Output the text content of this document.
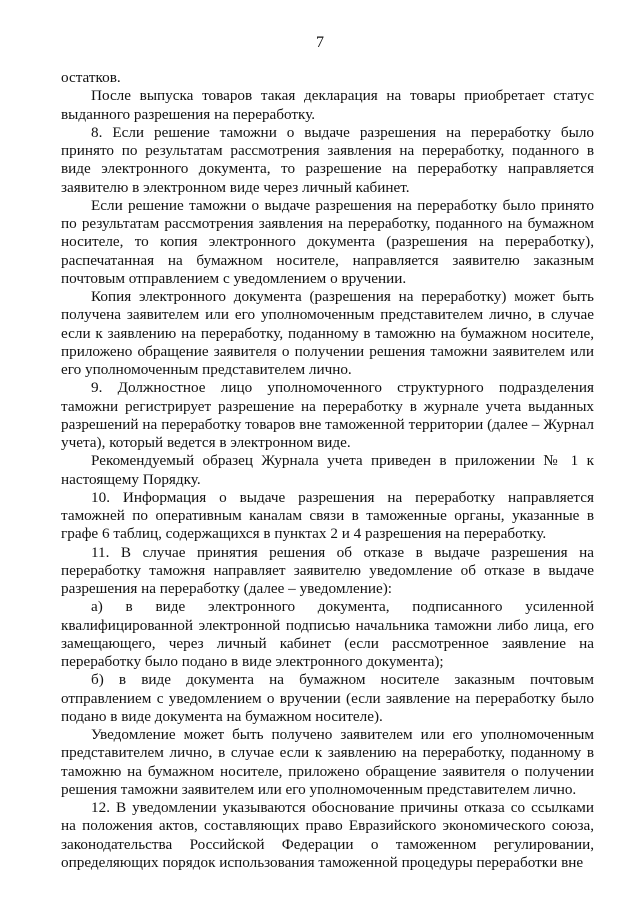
7

остатков.

После выпуска товаров такая декларация на товары приобретает статус выданного разрешения на переработку.

8. Если решение таможни о выдаче разрешения на переработку было принято по результатам рассмотрения заявления на переработку, поданного в виде электронного документа, то разрешение на переработку направляется заявителю в электронном виде через личный кабинет.

Если решение таможни о выдаче разрешения на переработку было принято по результатам рассмотрения заявления на переработку, поданного на бумажном носителе, то копия электронного документа (разрешения на переработку), распечатанная на бумажном носителе, направляется заявителю заказным почтовым отправлением с уведомлением о вручении.

Копия электронного документа (разрешения на переработку) может быть получена заявителем или его уполномоченным представителем лично, в случае если к заявлению на переработку, поданному в таможню на бумажном носителе, приложено обращение заявителя о получении решения таможни заявителем или его уполномоченным представителем лично.

9. Должностное лицо уполномоченного структурного подразделения таможни регистрирует разрешение на переработку в журнале учета выданных разрешений на переработку товаров вне таможенной территории (далее – Журнал учета), который ведется в электронном виде.

Рекомендуемый образец Журнала учета приведен в приложении № 1 к настоящему Порядку.

10. Информация о выдаче разрешения на переработку направляется таможней по оперативным каналам связи в таможенные органы, указанные в графе 6 таблиц, содержащихся в пунктах 2 и 4 разрешения на переработку.

11. В случае принятия решения об отказе в выдаче разрешения на переработку таможня направляет заявителю уведомление об отказе в выдаче разрешения на переработку (далее – уведомление):

а) в виде электронного документа, подписанного усиленной квалифицированной электронной подписью начальника таможни либо лица, его замещающего, через личный кабинет (если рассмотренное заявление на переработку было подано в виде электронного документа);

б) в виде документа на бумажном носителе заказным почтовым отправлением с уведомлением о вручении (если заявление на переработку было подано в виде документа на бумажном носителе).

Уведомление может быть получено заявителем или его уполномоченным представителем лично, в случае если к заявлению на переработку, поданному в таможню на бумажном носителе, приложено обращение заявителя о получении решения таможни заявителем или его уполномоченным представителем лично.

12. В уведомлении указываются обоснование причины отказа со ссылками на положения актов, составляющих право Евразийского экономического союза, законодательства Российской Федерации о таможенном регулировании, определяющих порядок использования таможенной процедуры переработки вне
